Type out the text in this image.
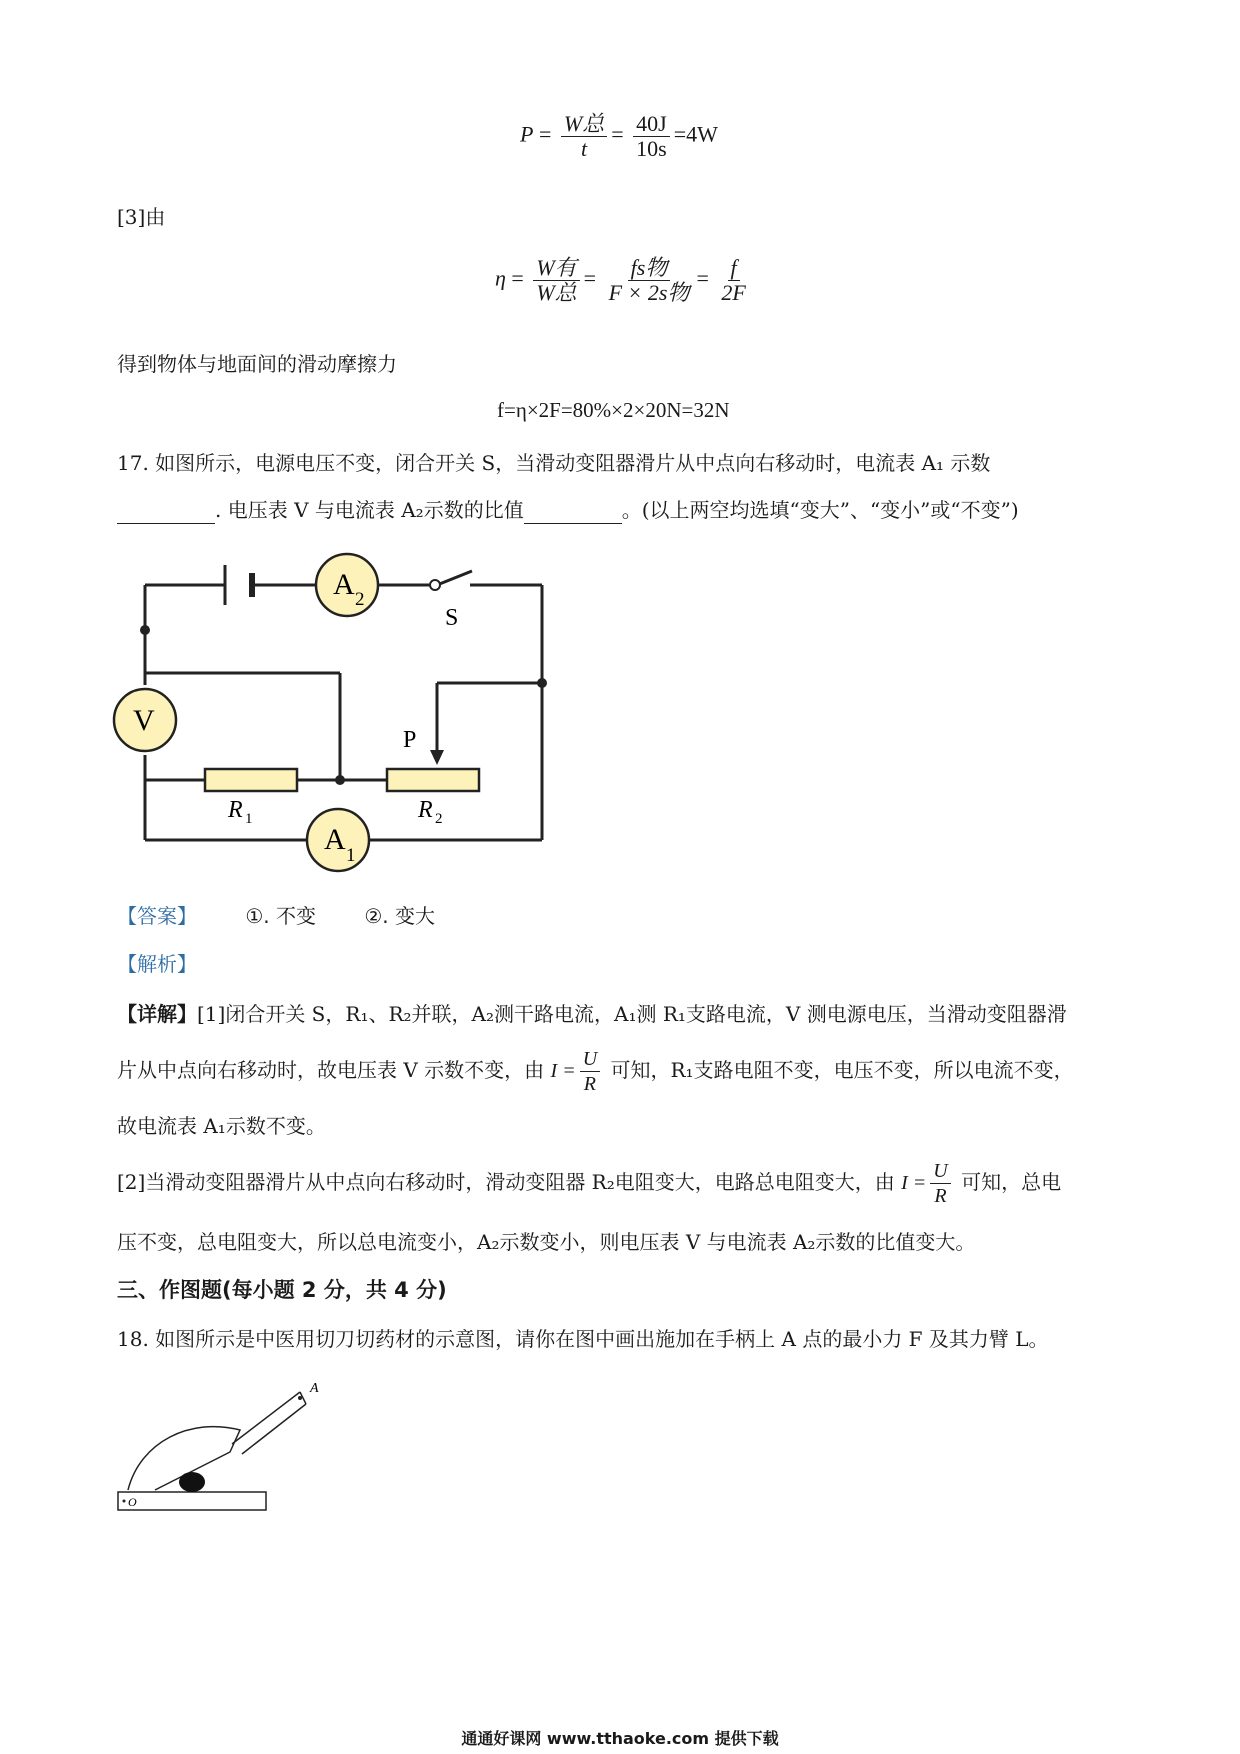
$P = \frac{\text{W总}}{t} = \frac{40J}{10s} =4W$
[3]由
$\eta = \frac{\text{W有}}{\text{W总}} = \frac{\text{fs物}}{\text{F × 2s物}} = \frac{f}{2F}$
得到物体与地面间的滑动摩擦力
f=η×2F=80%×2×20N=32N
17. 如图所示，电源电压不变，闭合开关 S，当滑动变阻器滑片从中点向右移动时，电流表 A₁ 示数
. 电压表 V 与电流表 A₂示数的比值	。(以上两空均选填“变大”、“变小”或“不变”)
A 2
V
A 1
S
P
R 1	R 2
【答案】 ①. 不变 ②. 变大
【解析】
【详解】[1]闭合开关 S，R₁、R₂并联，A₂测干路电流，A₁测 R₁支路电流，V 测电源电压，当滑动变阻器滑
片从中点向右移动时，故电压表 V 示数不变，由 $I = \frac{U}{R}$ 可知，R₁支路电阻不变，电压不变，所以电流不变，
故电流表 A₁示数不变。
[2]当滑动变阻器滑片从中点向右移动时，滑动变阻器 R₂电阻变大，电路总电阻变大，由 $I = \frac{U}{R}$ 可知，总电
压不变，总电阻变大，所以总电流变小，A₂示数变小，则电压表 V 与电流表 A₂示数的比值变大。
三、作图题(每小题 2 分，共 4 分)
18. 如图所示是中医用切刀切药材的示意图，请你在图中画出施加在手柄上 A 点的最小力 F 及其力臂 L。
A
O
通通好课网 www.tthaoke.com 提供下载
